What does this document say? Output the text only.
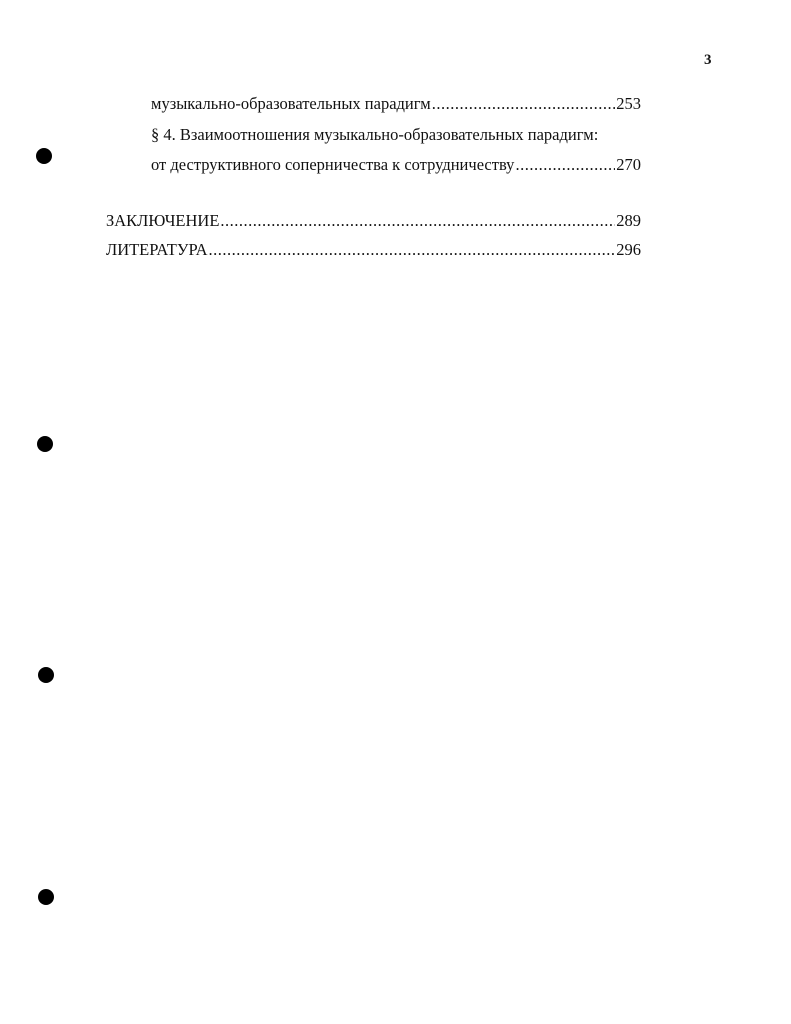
3
музыкально-образовательных парадигм .....	253
§ 4. Взаимоотношения музыкально-образовательных парадигм:
от деструктивного соперничества к сотрудничеству .....	270
ЗАКЛЮЧЕНИЕ .....	289
ЛИТЕРАТУРА .....	296
